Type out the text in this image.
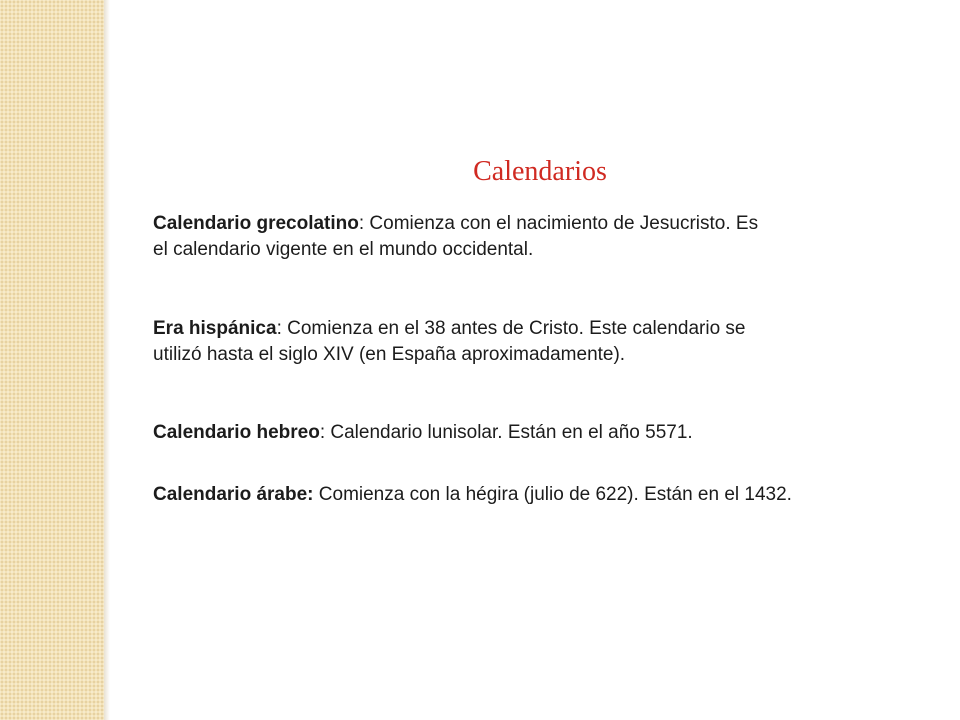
Calendarios

Calendario grecolatino: Comienza con el nacimiento de Jesucristo. Es
el calendario vigente en el mundo occidental.

Era hispánica: Comienza en el 38 antes de Cristo. Este calendario se
utilizó hasta el siglo XIV (en España aproximadamente).

Calendario hebreo: Calendario lunisolar. Están en el año 5571.

Calendario árabe: Comienza con la hégira (julio de 622). Están en el 1432.
